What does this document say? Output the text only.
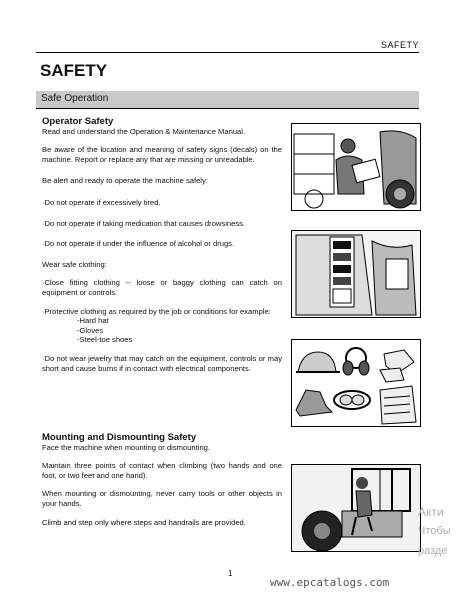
SAFETY
SAFETY
Safe Operation
Operator Safety
Read and understand the Operation & Maintenance Manual.
Be aware of the location and meaning of safety signs (decals) on the machine. Report or replace any that are missing or unreadable.
Be alert and ready to operate the machine safely:
·Do not operate if excessively tired.
·Do not operate if taking medication that causes drowsiness.
·Do not operate if under the influence of alcohol or drugs.
Wear safe clothing:
·Close fitting clothing -- loose or baggy clothing can catch on equipment or controls.
·Protective clothing as required by the job or conditions for example:
-Hard hat
-Gloves
-Steel-toe shoes
·Do not wear jewelry that may catch on the equipment, controls or may short and cause burns if in contact with electrical components.
Mounting and Dismounting Safety
Face the machine when mounting or dismounting.
Maintain three points of contact when climbing (two hands and one foot, or two feet and one hand).
When mounting or dismounting, never carry tools or other objects in your hands.
Climb and step only where steps and handrails are provided.
1
www.epcatalogs.com
Акти
Чтобы
разде
